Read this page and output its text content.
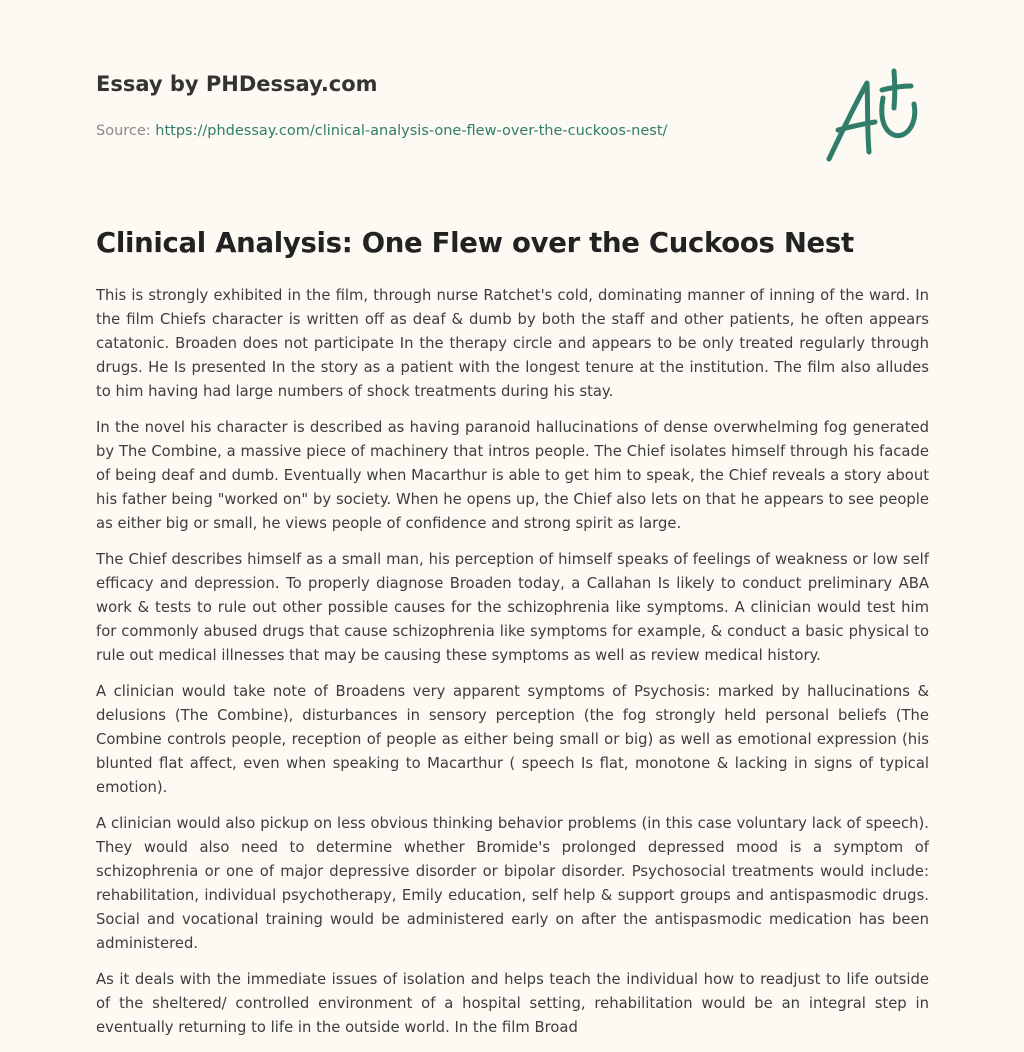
Essay by PHDessay.com
Source: https://phdessay.com/clinical-analysis-one-flew-over-the-cuckoos-nest/
Clinical Analysis: One Flew over the Cuckoos Nest

This is strongly exhibited in the film, through nurse Ratchet's cold, dominating manner of inning of the ward. In the film Chiefs character is written off as deaf & dumb by both the staff and other patients, he often appears catatonic. Broaden does not participate In the therapy circle and appears to be only treated regularly through drugs. He Is presented In the story as a patient with the longest tenure at the institution. The film also alludes to him having had large numbers of shock treatments during his stay.

In the novel his character is described as having paranoid hallucinations of dense overwhelming fog generated by The Combine, a massive piece of machinery that intros people. The Chief isolates himself through his facade of being deaf and dumb. Eventually when Macarthur is able to get him to speak, the Chief reveals a story about his father being "worked on" by society. When he opens up, the Chief also lets on that he appears to see people as either big or small, he views people of confidence and strong spirit as large.

The Chief describes himself as a small man, his perception of himself speaks of feelings of weakness or low self efficacy and depression. To properly diagnose Broaden today, a Callahan Is likely to conduct preliminary ABA work & tests to rule out other possible causes for the schizophrenia like symptoms. A clinician would test him for commonly abused drugs that cause schizophrenia like symptoms for example, & conduct a basic physical to rule out medical illnesses that may be causing these symptoms as well as review medical history.

A clinician would take note of Broadens very apparent symptoms of Psychosis: marked by hallucinations & delusions (The Combine), disturbances in sensory perception (the fog strongly held personal beliefs (The Combine controls people, reception of people as either being small or big) as well as emotional expression (his blunted flat affect, even when speaking to Macarthur ( speech Is flat, monotone & lacking in signs of typical emotion).

A clinician would also pickup on less obvious thinking behavior problems (in this case voluntary lack of speech). They would also need to determine whether Bromide's prolonged depressed mood is a symptom of schizophrenia or one of major depressive disorder or bipolar disorder. Psychosocial treatments would include: rehabilitation, individual psychotherapy, Emily education, self help & support groups and antispasmodic drugs. Social and vocational training would be administered early on after the antispasmodic medication has been administered.

As it deals with the immediate issues of isolation and helps teach the individual how to readjust to life outside of the sheltered/ controlled environment of a hospital setting, rehabilitation would be an integral step in eventually returning to life in the outside world. In the film Broad
